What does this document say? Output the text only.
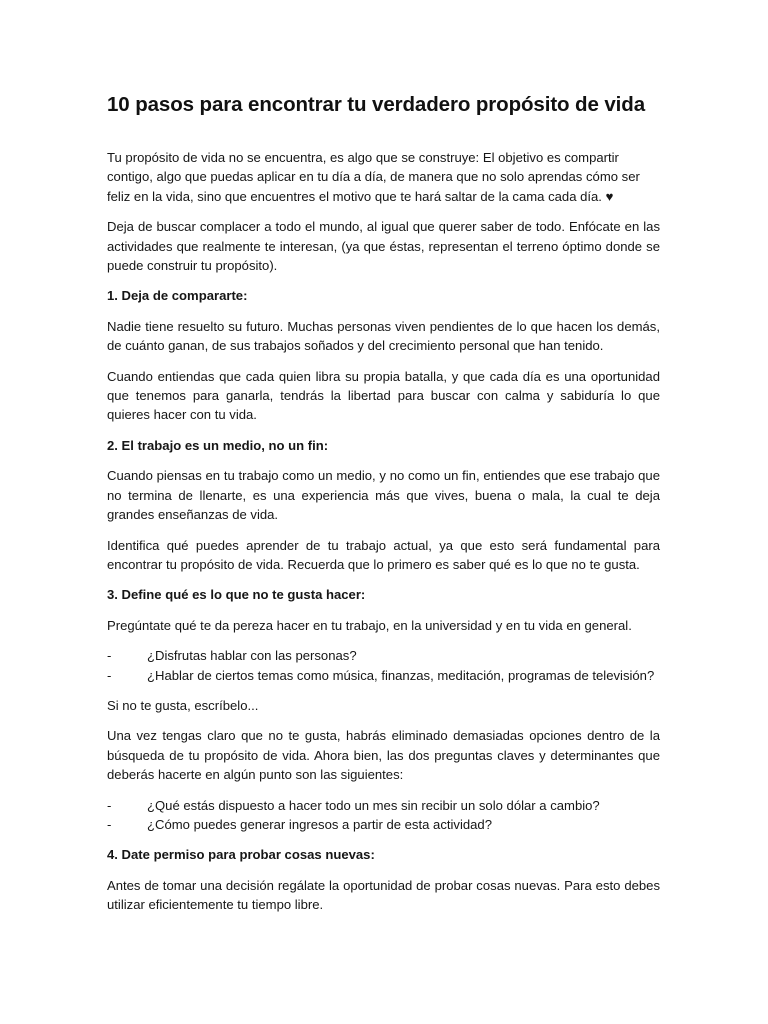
10 pasos para encontrar tu verdadero propósito de vida

Tu propósito de vida no se encuentra, es algo que se construye: El objetivo es compartir contigo, algo que puedas aplicar en tu día a día, de manera que no solo aprendas cómo ser feliz en la vida, sino que encuentres el motivo que te hará saltar de la cama cada día. ♥

Deja de buscar complacer a todo el mundo, al igual que querer saber de todo. Enfócate en las actividades que realmente te interesan, (ya que éstas, representan el terreno óptimo donde se puede construir tu propósito).

1. Deja de compararte:

Nadie tiene resuelto su futuro. Muchas personas viven pendientes de lo que hacen los demás, de cuánto ganan, de sus trabajos soñados y del crecimiento personal que han tenido.

Cuando entiendas que cada quien libra su propia batalla, y que cada día es una oportunidad que tenemos para ganarla, tendrás la libertad para buscar con calma y sabiduría lo que quieres hacer con tu vida.

2. El trabajo es un medio, no un fin:

Cuando piensas en tu trabajo como un medio, y no como un fin, entiendes que ese trabajo que no termina de llenarte, es una experiencia más que vives, buena o mala, la cual te deja grandes enseñanzas de vida.

Identifica qué puedes aprender de tu trabajo actual, ya que esto será fundamental para encontrar tu propósito de vida. Recuerda que lo primero es saber qué es lo que no te gusta.

3. Define qué es lo que no te gusta hacer:

Pregúntate qué te da pereza hacer en tu trabajo, en la universidad y en tu vida en general.

-	¿Disfrutas hablar con las personas?
-	¿Hablar de ciertos temas como música, finanzas, meditación, programas de televisión?

Si no te gusta, escríbelo...

Una vez tengas claro que no te gusta, habrás eliminado demasiadas opciones dentro de la búsqueda de tu propósito de vida. Ahora bien, las dos preguntas claves y determinantes que deberás hacerte en algún punto son las siguientes:

-	¿Qué estás dispuesto a hacer todo un mes sin recibir un solo dólar a cambio?
-	¿Cómo puedes generar ingresos a partir de esta actividad?

4. Date permiso para probar cosas nuevas:

Antes de tomar una decisión regálate la oportunidad de probar cosas nuevas. Para esto debes utilizar eficientemente tu tiempo libre.
